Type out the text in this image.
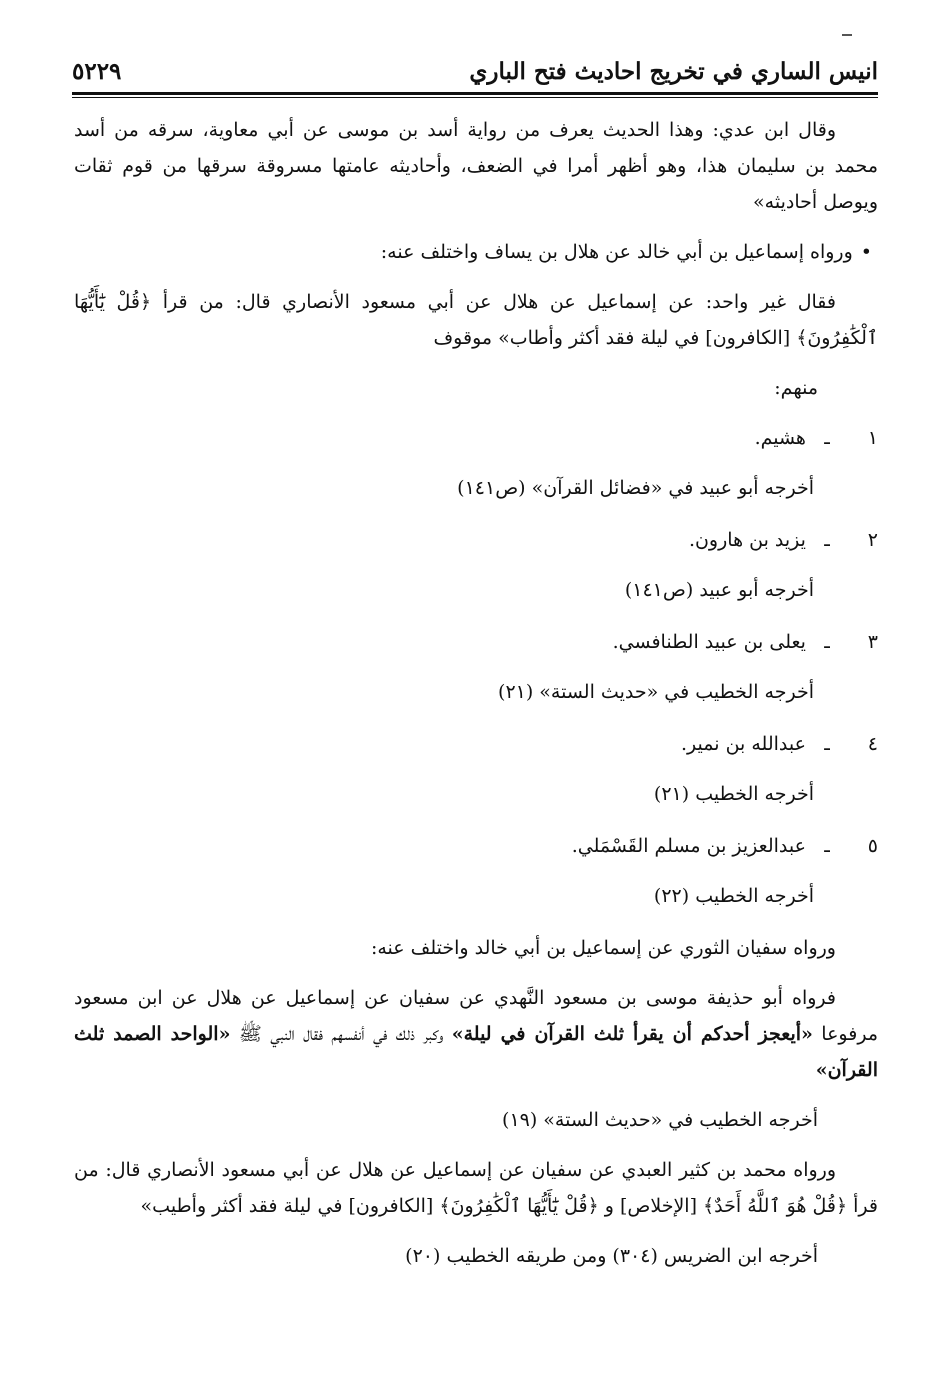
انيس الساري في تخريج احاديث فتح الباري
٥٢٢٩

وقال ابن عدي: وهذا الحديث يعرف من رواية أسد بن موسى عن أبي معاوية، سرقه من أسد محمد بن سليمان هذا، وهو أظهر أمرا في الضعف، وأحاديثه عامتها مسروقة سرقها من قوم ثقات ويوصل أحاديثه»

•ورواه إسماعيل بن أبي خالد عن هلال بن يساف واختلف عنه:

فقال غير واحد: عن إسماعيل عن هلال عن أبي مسعود الأنصاري قال: من قرأ ﴿قُلْ يَٰٓأَيُّهَا ٱلْكَٰفِرُونَ﴾ [الكافرون] في ليلة فقد أكثر وأطاب» موقوف

منهم:

١ـ هشيم.
أخرجه أبو عبيد في «فضائل القرآن» (ص١٤١)
٢ـ يزيد بن هارون.
أخرجه أبو عبيد (ص١٤١)
٣ـ يعلى بن عبيد الطنافسي.
أخرجه الخطيب في «حديث الستة» (٢١)
٤ـ عبدالله بن نمير.
أخرجه الخطيب (٢١)
٥ـ عبدالعزيز بن مسلم القَسْمَلي.
أخرجه الخطيب (٢٢)

ورواه سفيان الثوري عن إسماعيل بن أبي خالد واختلف عنه:

فرواه أبو حذيفة موسى بن مسعود النَّهدي عن سفيان عن إسماعيل عن هلال عن ابن مسعود مرفوعا «أيعجز أحدكم أن يقرأ ثلث القرآن في ليلة» وكبر ذلك في أنفسهم فقال النبي ﷺ «الواحد الصمد ثلث القرآن»

أخرجه الخطيب في «حديث الستة» (١٩)

ورواه محمد بن كثير العبدي عن سفيان عن إسماعيل عن هلال عن أبي مسعود الأنصاري قال: من قرأ ﴿قُلْ هُوَ ٱللَّهُ أَحَدٌ﴾ [الإخلاص] و ﴿قُلْ يَٰٓأَيُّهَا ٱلْكَٰفِرُونَ﴾ [الكافرون] في ليلة فقد أكثر وأطيب»

أخرجه ابن الضريس (٣٠٤) ومن طريقه الخطيب (٢٠)
